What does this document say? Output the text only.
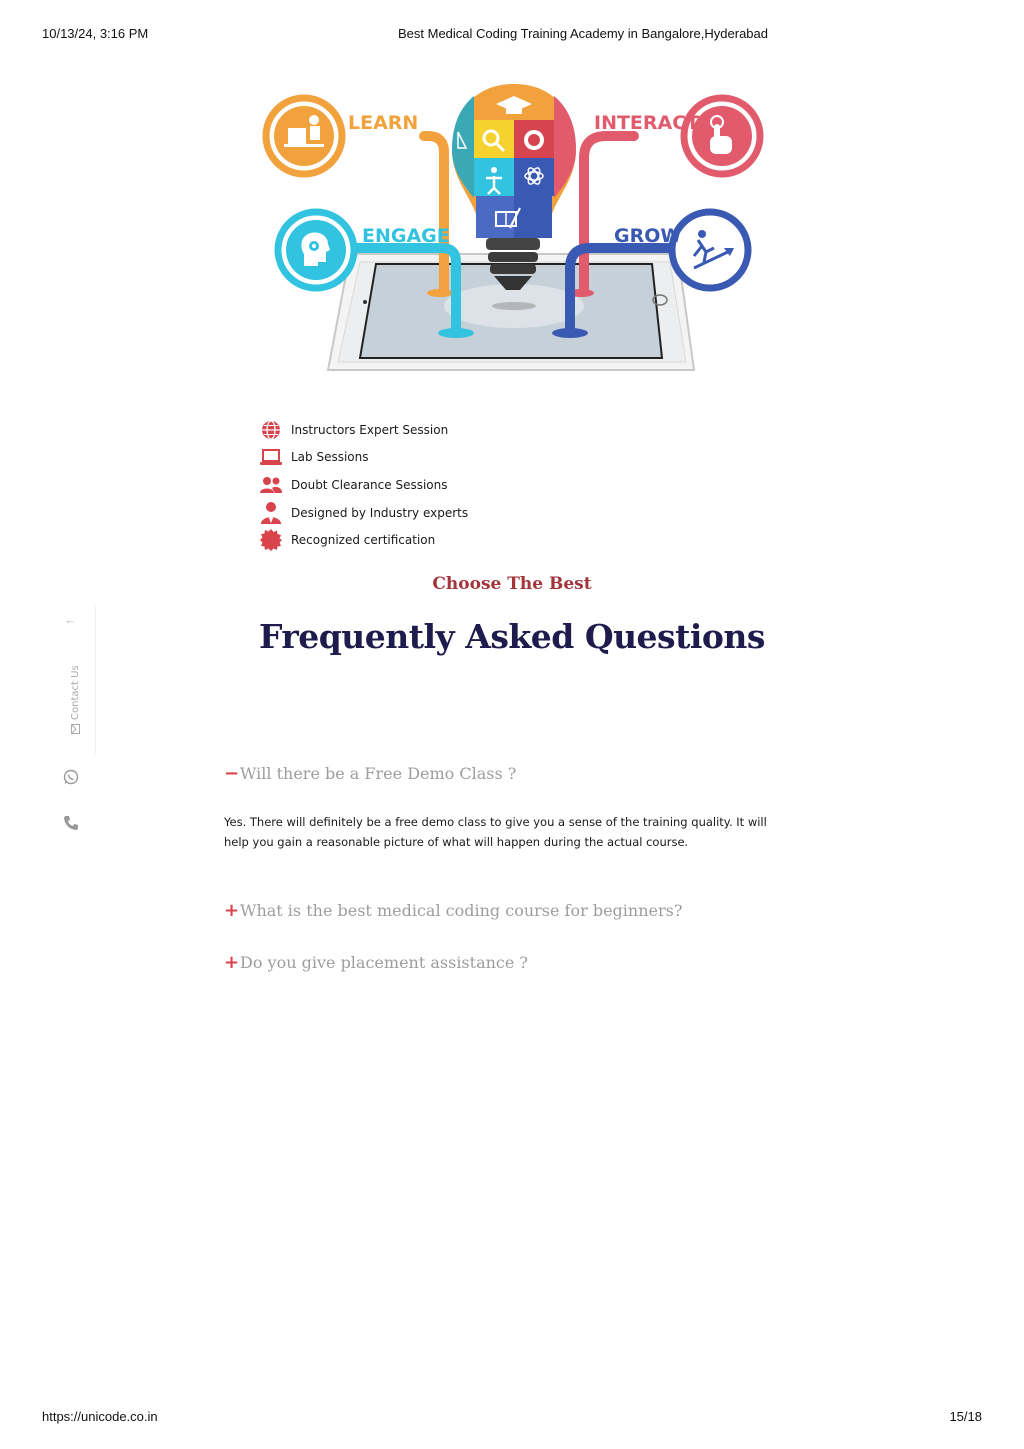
10/13/24, 3:16 PM	Best Medical Coding Training Academy in Bangalore,Hyderabad
LEARN	INTERACT
ENGAGE	GROW
Instructors Expert Session
Lab Sessions
Doubt Clearance Sessions
Designed by Industry experts
Recognized certification
Choose The Best
Frequently Asked Questions
←
Contact Us
− Will there be a Free Demo Class ?
Yes. There will definitely be a free demo class to give you a sense of the training quality. It will help you gain a reasonable picture of what will happen during the actual course.
+ What is the best medical coding course for beginners?
+ Do you give placement assistance ?
https://unicode.co.in	15/18
